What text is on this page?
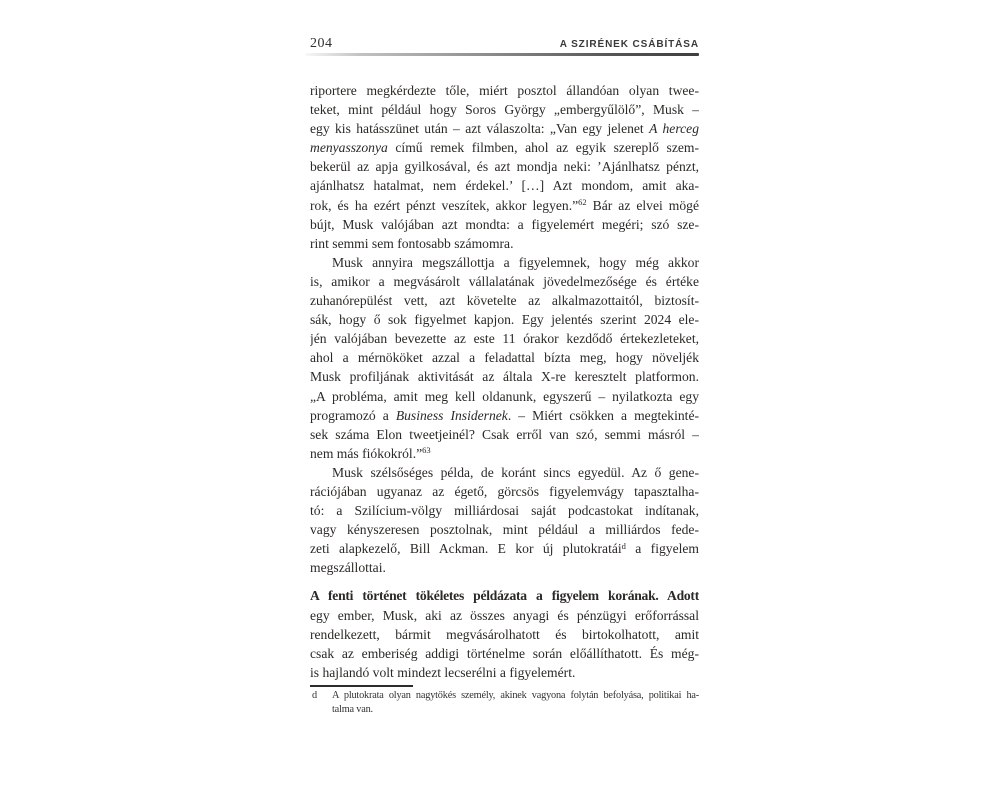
204	A SZIRÉNEK CSÁBÍTÁSA
riportere megkérdezte tőle, miért posztol állandóan olyan twee-
teket, mint például hogy Soros György „embergyűlölő”, Musk –
egy kis hatásszünet után – azt válaszolta: „Van egy jelenet A herceg
menyasszonya című remek filmben, ahol az egyik szereplő szem-
bekerül az apja gyilkosával, és azt mondja neki: ’Ajánlhatsz pénzt,
ajánlhatsz hatalmat, nem érdekel.’ […] Azt mondom, amit aka-
rok, és ha ezért pénzt veszítek, akkor legyen.”$^{62}$ Bár az elvei mögé
bújt, Musk valójában azt mondta: a figyelemért megéri; szó sze-
rint semmi sem fontosabb számomra.
Musk annyira megszállottja a figyelemnek, hogy még akkor
is, amikor a megvásárolt vállalatának jövedelmezősége és értéke
zuhanórepülést vett, azt követelte az alkalmazottaitól, biztosít-
sák, hogy ő sok figyelmet kapjon. Egy jelentés szerint 2024 ele-
jén valójában bevezette az este 11 órakor kezdődő értekezleteket,
ahol a mérnököket azzal a feladattal bízta meg, hogy növeljék
Musk profiljának aktivitását az általa X-re keresztelt platformon.
„A probléma, amit meg kell oldanunk, egyszerű – nyilatkozta egy
programozó a Business Insidernek. – Miért csökken a megtekinté-
sek száma Elon tweetjeinél? Csak erről van szó, semmi másról –
nem más fiókokról.”$^{63}$
Musk szélsőséges példa, de koránt sincs egyedül. Az ő gene-
rációjában ugyanaz az égető, görcsös figyelemvágy tapasztalha-
tó: a Szilícium-völgy milliárdosai saját podcastokat indítanak,
vagy kényszeresen posztolnak, mint például a milliárdos fede-
zeti alapkezelő, Bill Ackman. E kor új plutokratái$^d$ a figyelem
megszállottai.
A fenti történet tökéletes példázata a figyelem korának. Adott
egy ember, Musk, aki az összes anyagi és pénzügyi erőforrással
rendelkezett, bármit megvásárolhatott és birtokolhatott, amit
csak az emberiség addigi történelme során előállíthatott. És még-
is hajlandó volt mindezt lecserélni a figyelemért.
d A plutokrata olyan nagytőkés személy, akinek vagyona folytán befolyása, politikai ha-
talma van.
